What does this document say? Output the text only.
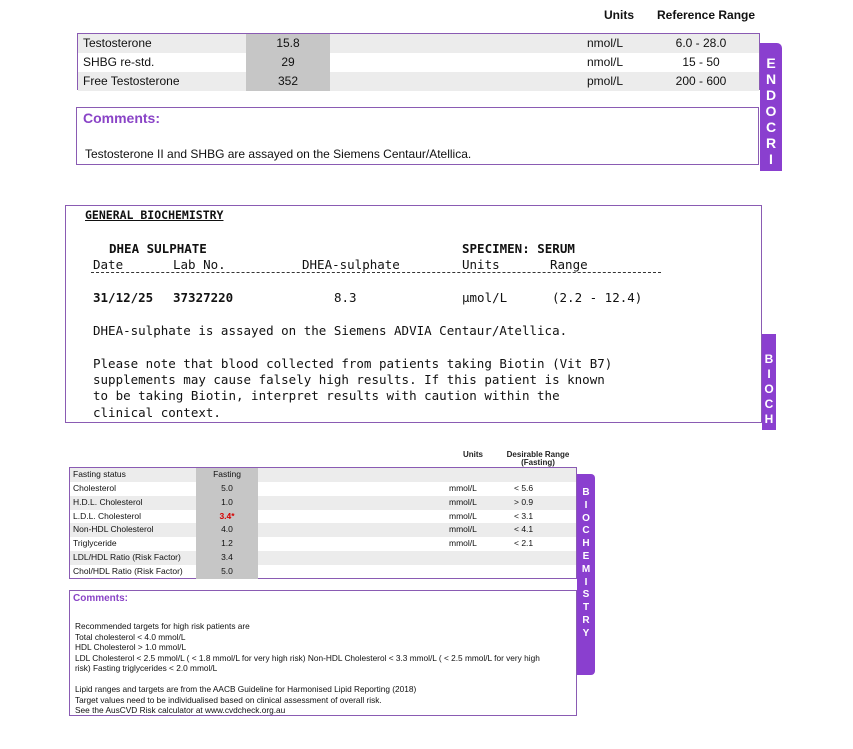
Units Reference Range
Testosterone	15.8	nmol/L	6.0 - 28.0
SHBG re-std.	29	nmol/L	15 - 50
Free Testosterone	352	pmol/L	200 - 600
Comments:
Testosterone II and SHBG are assayed on the Siemens Centaur/Atellica.
E
N
D
O
C
R
I
GENERAL BIOCHEMISTRY
DHEA SULPHATE	SPECIMEN: SERUM
Date	Lab No.	DHEA-sulphate	Units	Range
31/12/25 37327220	8.3	µmol/L	(2.2 - 12.4)
DHEA-sulphate is assayed on the Siemens ADVIA Centaur/Atellica.
Please note that blood collected from patients taking Biotin (Vit B7)
supplements may cause falsely high results. If this patient is known
to be taking Biotin, interpret results with caution within the
clinical context.
B
I
O
C
H
Units	Desirable Range
(Fasting)
Fasting status	Fasting
Cholesterol	5.0	mmol/L	< 5.6
H.D.L. Cholesterol	1.0	mmol/L	> 0.9
L.D.L. Cholesterol	3.4*	mmol/L	< 3.1
Non-HDL Cholesterol	4.0	mmol/L	< 4.1
Triglyceride	1.2	mmol/L	< 2.1
LDL/HDL Ratio (Risk Factor)	3.4
Chol/HDL Ratio (Risk Factor)	5.0
B
I
O
C
H
E
M
I
S
T
R
Y
Comments:
Recommended targets for high risk patients are
Total cholesterol < 4.0 mmol/L
HDL Cholesterol > 1.0 mmol/L
LDL Cholesterol < 2.5 mmol/L ( < 1.8 mmol/L for very high risk) Non-HDL Cholesterol < 3.3 mmol/L ( < 2.5 mmol/L for very high
risk) Fasting triglycerides < 2.0 mmol/L
Lipid ranges and targets are from the AACB Guideline for Harmonised Lipid Reporting (2018)
Target values need to be individualised based on clinical assessment of overall risk.
See the AusCVD Risk calculator at www.cvdcheck.org.au
